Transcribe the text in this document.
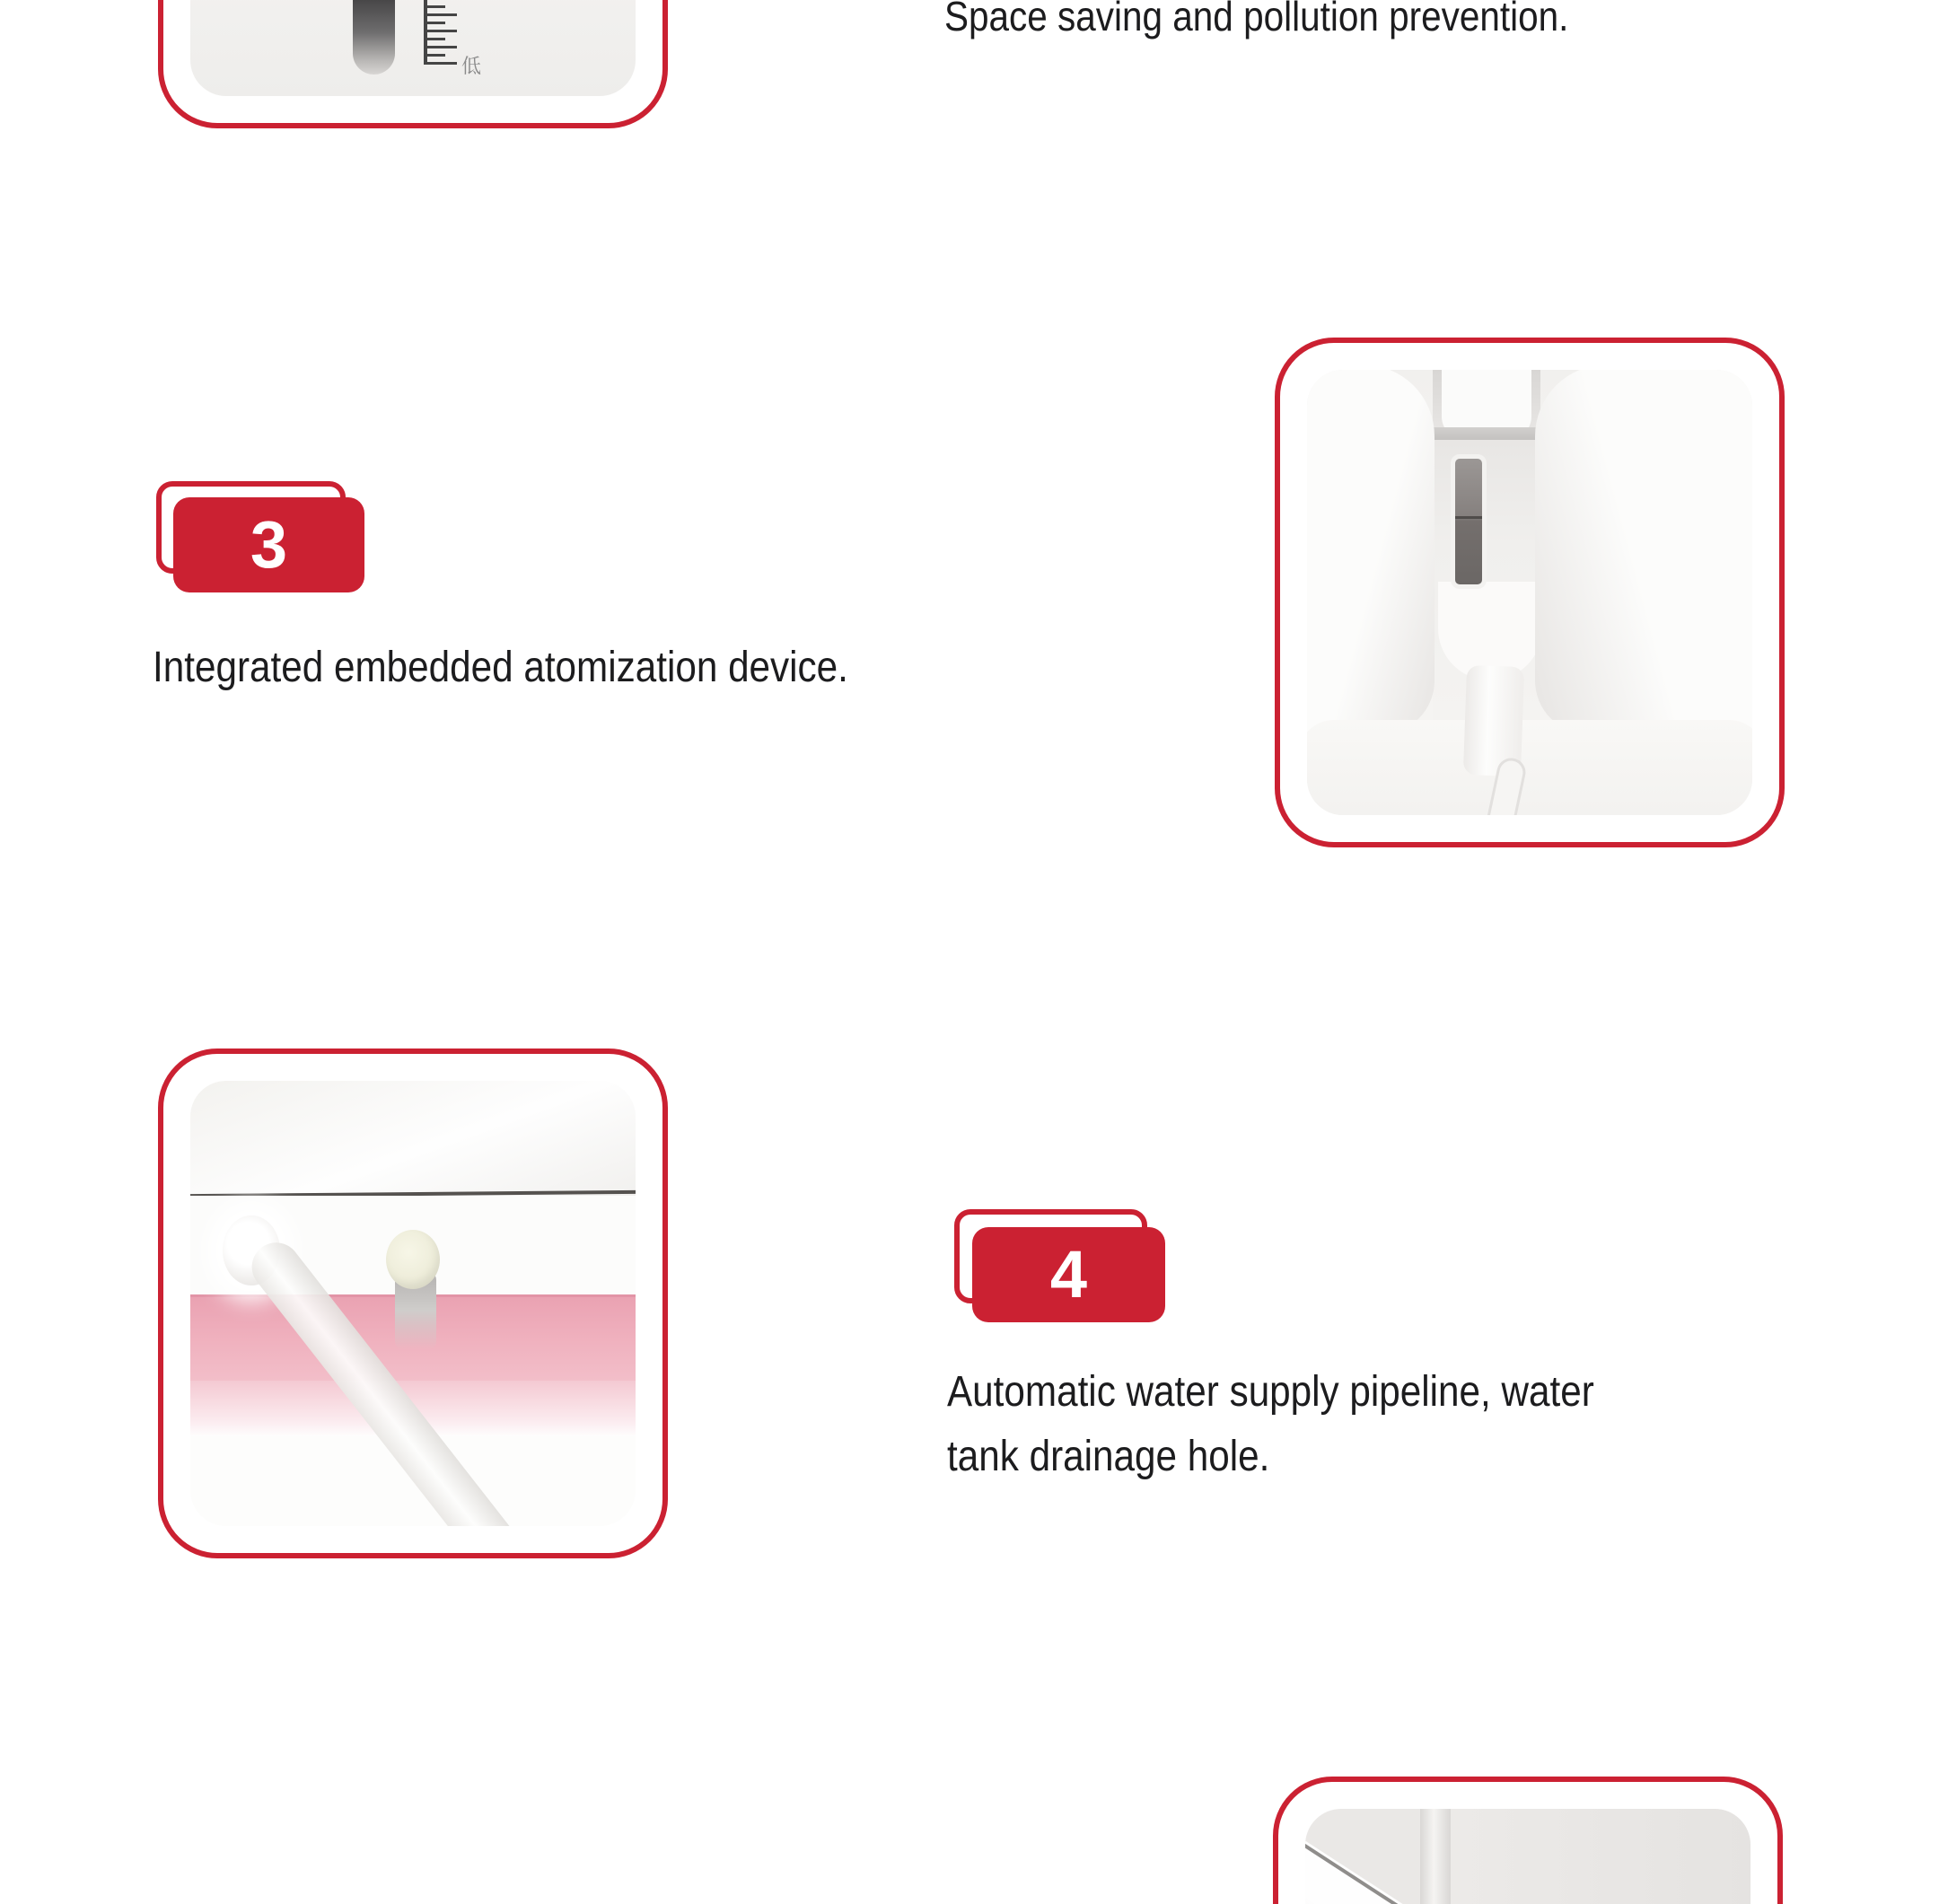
低
Space saving and pollution prevention.
3
Integrated embedded atomization device.
4
Automatic water supply pipeline, water
tank drainage hole.
